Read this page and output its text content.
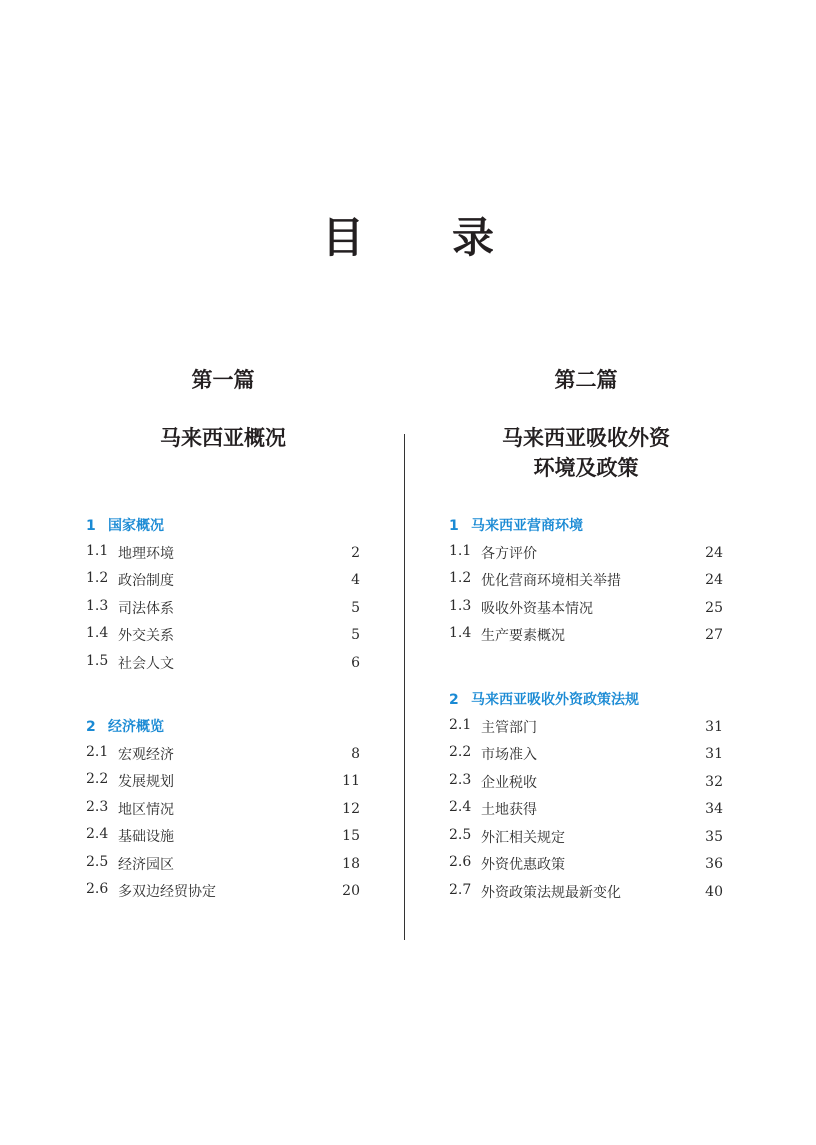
目 录
第一篇
马来西亚概况
1 国家概况
1.1 地理环境	2
1.2 政治制度	4
1.3 司法体系	5
1.4 外交关系	5
1.5 社会人文	6
2 经济概览
2.1 宏观经济	8
2.2 发展规划	11
2.3 地区情况	12
2.4 基础设施	15
2.5 经济园区	18
2.6 多双边经贸协定	20
第二篇
马来西亚吸收外资
环境及政策
1 马来西亚营商环境
1.1 各方评价	24
1.2 优化营商环境相关举措	24
1.3 吸收外资基本情况	25
1.4 生产要素概况	27
2 马来西亚吸收外资政策法规
2.1 主管部门	31
2.2 市场准入	31
2.3 企业税收	32
2.4 土地获得	34
2.5 外汇相关规定	35
2.6 外资优惠政策	36
2.7 外资政策法规最新变化	40
